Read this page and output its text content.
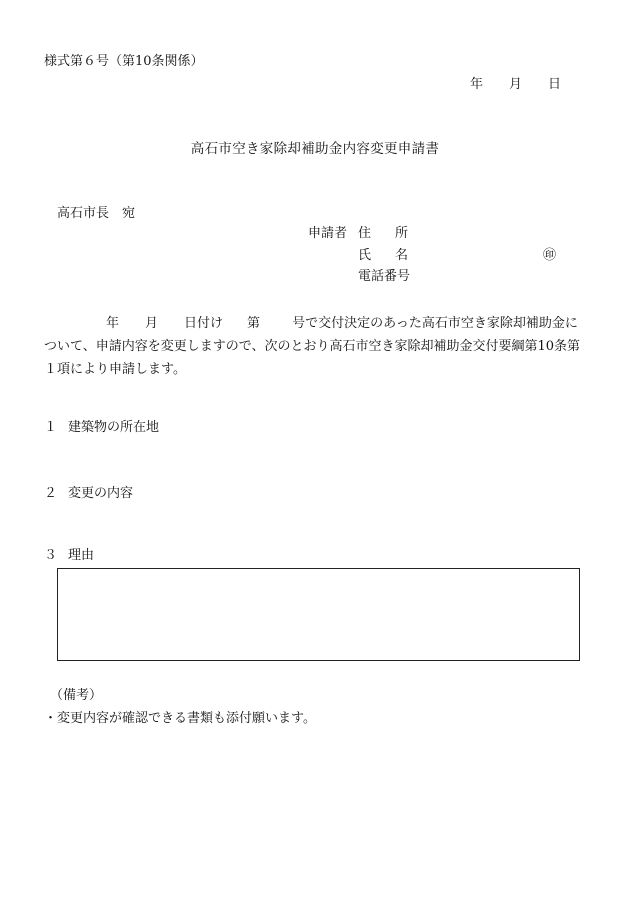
様式第６号（第10条関係）
年 月 日
高石市空き家除却補助金内容変更申請書
高石市長　宛
申請者 住 所
氏 名
電話番号
㊞
年 月 日付け 第 号で交付決定のあった高石市空き家除却補助金について、申請内容を変更しますので、次のとおり高石市空き家除却補助金交付要綱第10条第１項により申請します。
１ 建築物の所在地
２ 変更の内容
３ 理由
（備考）
・変更内容が確認できる書類も添付願います。
